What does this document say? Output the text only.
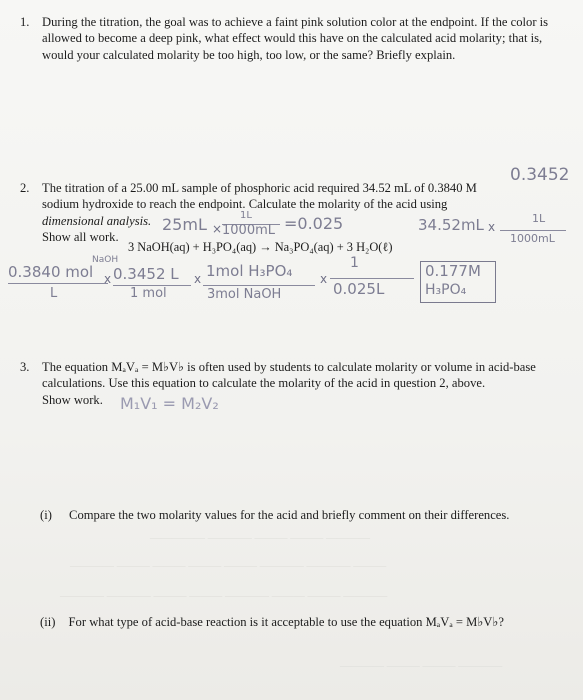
————— ———— ——— ——— ————
———— ——— ——— ——— ——— ———— ———— ———
———— ———— ——— ——— ———— ——— ——— ————
———— ——— ——— ————
1. During the titration, the goal was to achieve a faint pink solution color at the endpoint. If the color is allowed to become a deep pink, what effect would this have on the calculated acid molarity; that is, would your calculated molarity be too high, too low, or the same? Briefly explain.
2. The titration of a 25.00 mL sample of phosphoric acid required 34.52 mL of 0.3840 M sodium hydroxide to reach the endpoint. Calculate the molarity of the acid using dimensional analysis.
Show all work.
3 NaOH(aq) + H₃PO₄(aq) → Na₃PO₄(aq) + 3 H₂O(ℓ)
0.3452
25mL ×
1L
1000mL =0.025	34.52mL x
1L
1000mL
0.3840 mol
NaOH
L
x 0.3452 L
1 mol
x 1mol H₃PO₄
3mol NaOH
x
1
0.025L
0.177M
H₃PO₄
3. The equation MₐVₐ = M♭V♭ is often used by students to calculate molarity or volume in acid-base calculations. Use this equation to calculate the molarity of the acid in question 2, above.
Show work.	M₁V₁ = M₂V₂
(i) Compare the two molarity values for the acid and briefly comment on their differences.
(ii) For what type of acid-base reaction is it acceptable to use the equation MₐVₐ = M♭V♭?
